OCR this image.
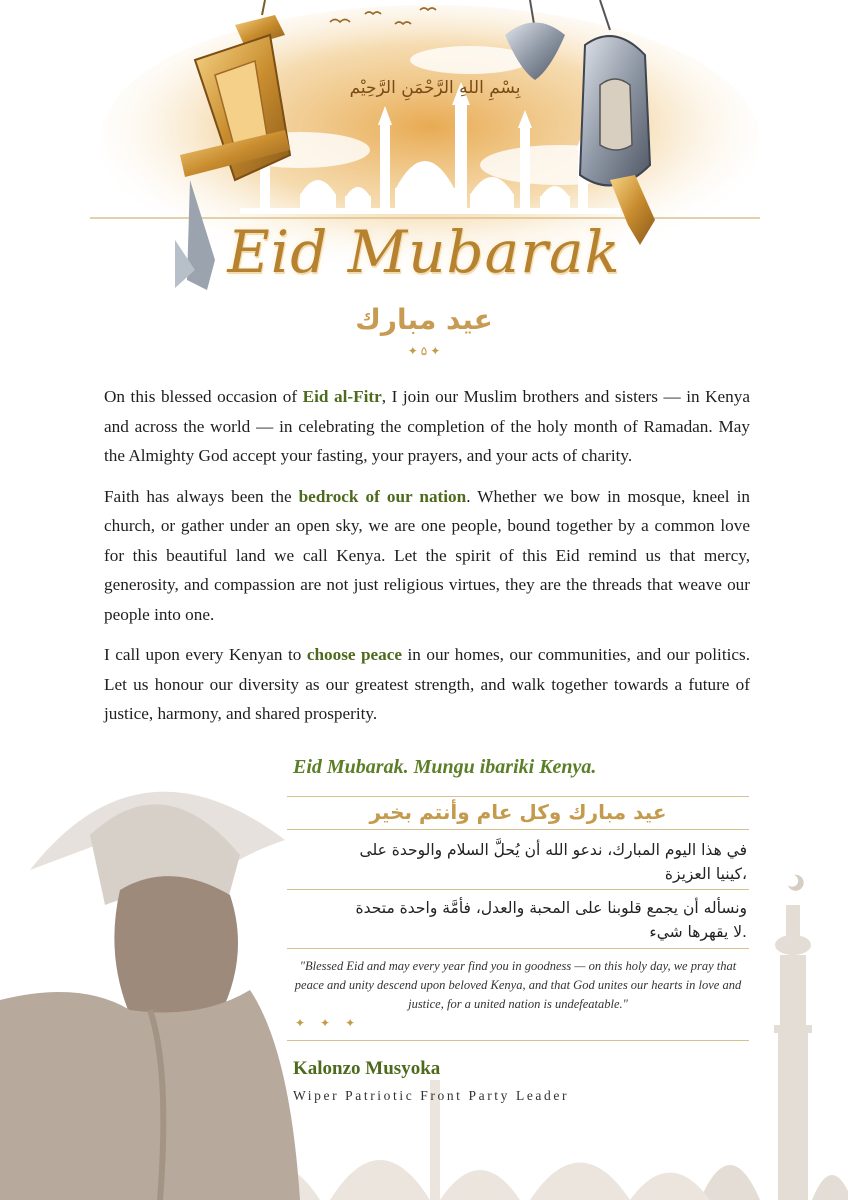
بِسْمِ اللهِ الرَّحْمَنِ الرَّحِيْم
Eid Mubarak
عيد مبارك
✦ ۵ ✦

On this blessed occasion of Eid al-Fitr, I join our Muslim brothers and sisters — in Kenya and across the world — in celebrating the completion of the holy month of Ramadan. May the Almighty God accept your fasting, your prayers, and your acts of charity.

Faith has always been the bedrock of our nation. Whether we bow in mosque, kneel in church, or gather under an open sky, we are one people, bound together by a common love for this beautiful land we call Kenya. Let the spirit of this Eid remind us that mercy, generosity, and compassion are not just religious virtues, they are the threads that weave our people into one.

I call upon every Kenyan to choose peace in our homes, our communities, and our politics. Let us honour our diversity as our greatest strength, and walk together towards a future of justice, harmony, and shared prosperity.

Eid Mubarak. Mungu ibariki Kenya.
عيد مبارك وكل عام وأنتم بخير
في هذا اليوم المبارك، ندعو الله أن يُحلَّ السلام والوحدة على
،كينيا العزيزة
ونسأله أن يجمع قلوبنا على المحبة والعدل، فأمَّة واحدة متحدة
.لا يقهرها شيء
"Blessed Eid and may every year find you in goodness — on this holy day, we pray that peace and unity descend upon beloved Kenya, and that God unites our hearts in love and justice, for a united nation is undefeatable."
✦ ✦ ✦
Kalonzo Musyoka
Wiper Patriotic Front Party Leader
